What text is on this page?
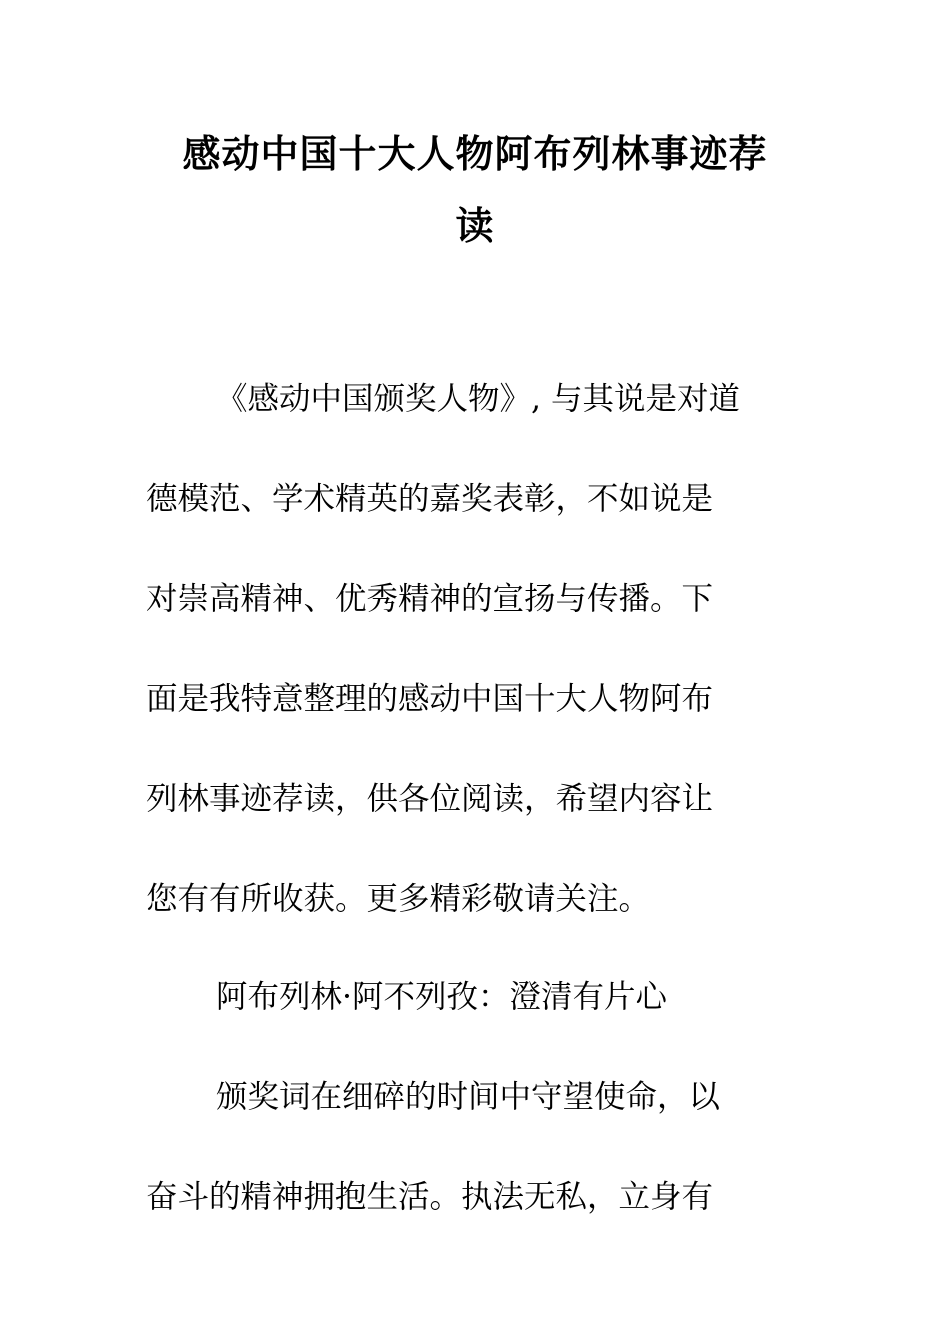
感动中国十大人物阿布列林事迹荐
读

《感动中国颁奖人物》, 与其说是对道

德模范、学术精英的嘉奖表彰，不如说是

对崇高精神、优秀精神的宣扬与传播。下

面是我特意整理的感动中国十大人物阿布

列林事迹荐读，供各位阅读，希望内容让

您有有所收获。更多精彩敬请关注。

阿布列林·阿不列孜：澄清有片心

颁奖词在细碎的时间中守望使命，以

奋斗的精神拥抱生活。执法无私，立身有
